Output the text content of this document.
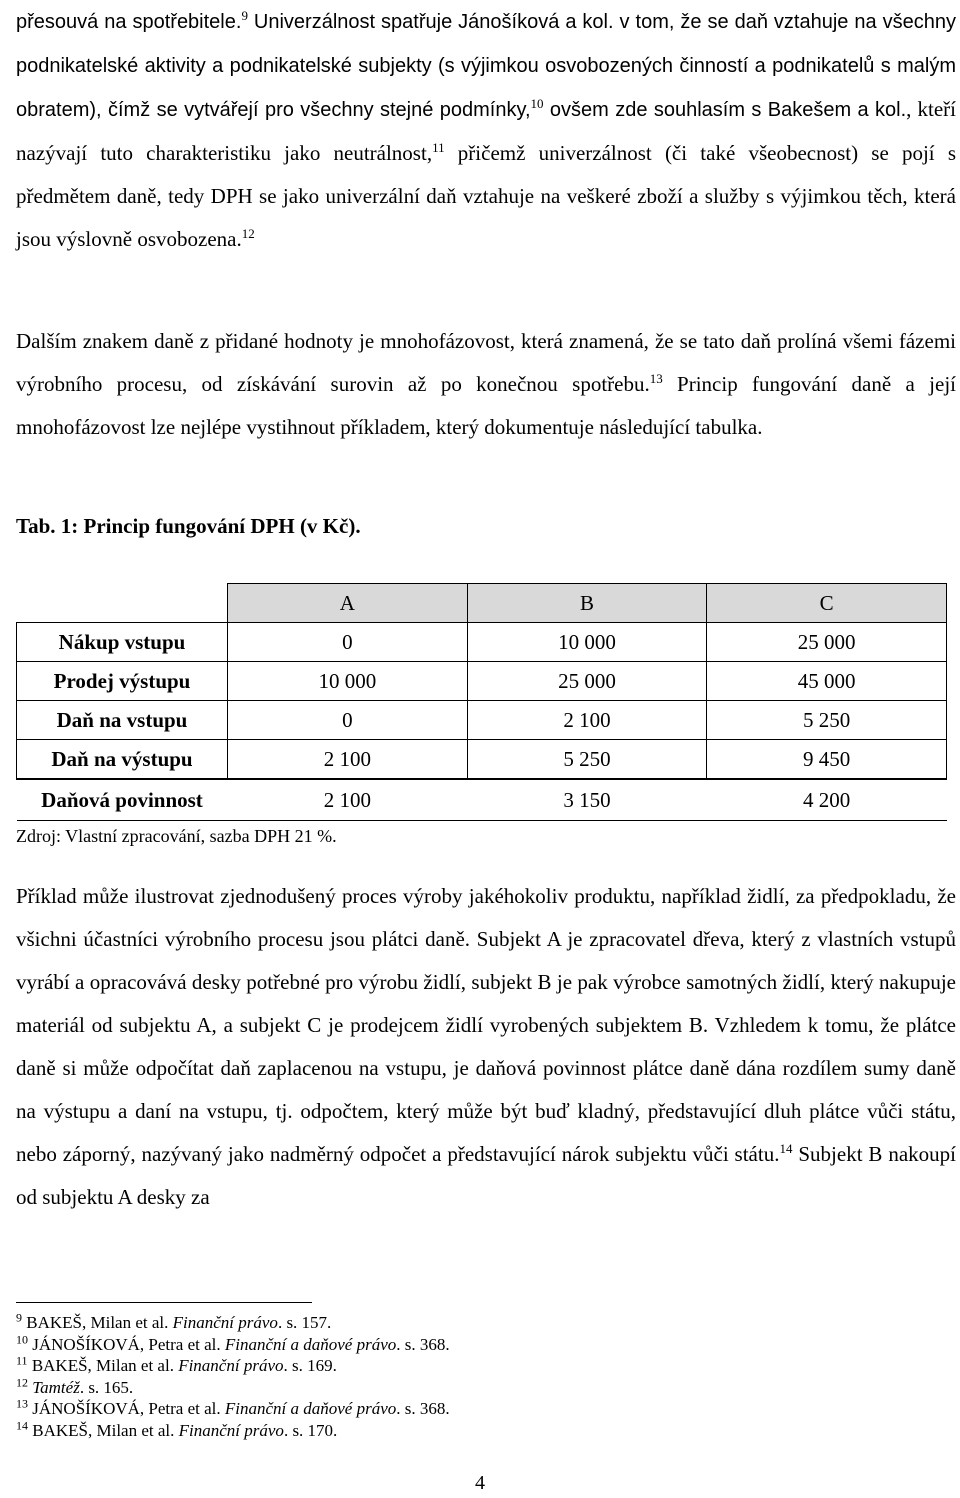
přesouvá na spotřebitele.$^9$ Univerzálnost spatřuje Jánošíková a kol. v tom, že se daň vztahuje na všechny podnikatelské aktivity a podnikatelské subjekty (s výjimkou osvobozených činností a podnikatelů s malým obratem), čímž se vytvářejí pro všechny stejné podmínky,$^{10}$ ovšem zde souhlasím s Bakešem a kol., kteří nazývají tuto charakteristiku jako neutrálnost,$^{11}$ přičemž univerzálnost (či také všeobecnost) se pojí s předmětem daně, tedy DPH se jako univerzální daň vztahuje na veškeré zboží a služby s výjimkou těch, která jsou výslovně osvobozena.$^{12}$

Dalším znakem daně z přidané hodnoty je mnohofázovost, která znamená, že se tato daň prolíná všemi fázemi výrobního procesu, od získávání surovin až po konečnou spotřebu.$^{13}$ Princip fungování daně a její mnohofázovost lze nejlépe vystihnout příkladem, který dokumentuje následující tabulka.

Tab. 1: Princip fungování DPH (v Kč).

	A	B	C
Nákup vstupu	0	10 000	25 000
Prodej výstupu	10 000	25 000	45 000
Daň na vstupu	0	2 100	5 250
Daň na výstupu	2 100	5 250	9 450
Daňová povinnost	2 100	3 150	4 200

Zdroj: Vlastní zpracování, sazba DPH 21 %.

Příklad může ilustrovat zjednodušený proces výroby jakéhokoliv produktu, například židlí, za předpokladu, že všichni účastníci výrobního procesu jsou plátci daně. Subjekt A je zpracovatel dřeva, který z vlastních vstupů vyrábí a opracovává desky potřebné pro výrobu židlí, subjekt B je pak výrobce samotných židlí, který nakupuje materiál od subjektu A, a subjekt C je prodejcem židlí vyrobených subjektem B. Vzhledem k tomu, že plátce daně si může odpočítat daň zaplacenou na vstupu, je daňová povinnost plátce daně dána rozdílem sumy daně na výstupu a daní na vstupu, tj. odpočtem, který může být buď kladný, představující dluh plátce vůči státu, nebo záporný, nazývaný jako nadměrný odpočet a představující nárok subjektu vůči státu.$^{14}$ Subjekt B nakoupí od subjektu A desky za

$^9$ BAKEŠ, Milan et al. Finanční právo. s. 157.
$^{10}$ JÁNOŠÍKOVÁ, Petra et al. Finanční a daňové právo. s. 368.
$^{11}$ BAKEŠ, Milan et al. Finanční právo. s. 169.
$^{12}$ Tamtéž. s. 165.
$^{13}$ JÁNOŠÍKOVÁ, Petra et al. Finanční a daňové právo. s. 368.
$^{14}$ BAKEŠ, Milan et al. Finanční právo. s. 170.
4
